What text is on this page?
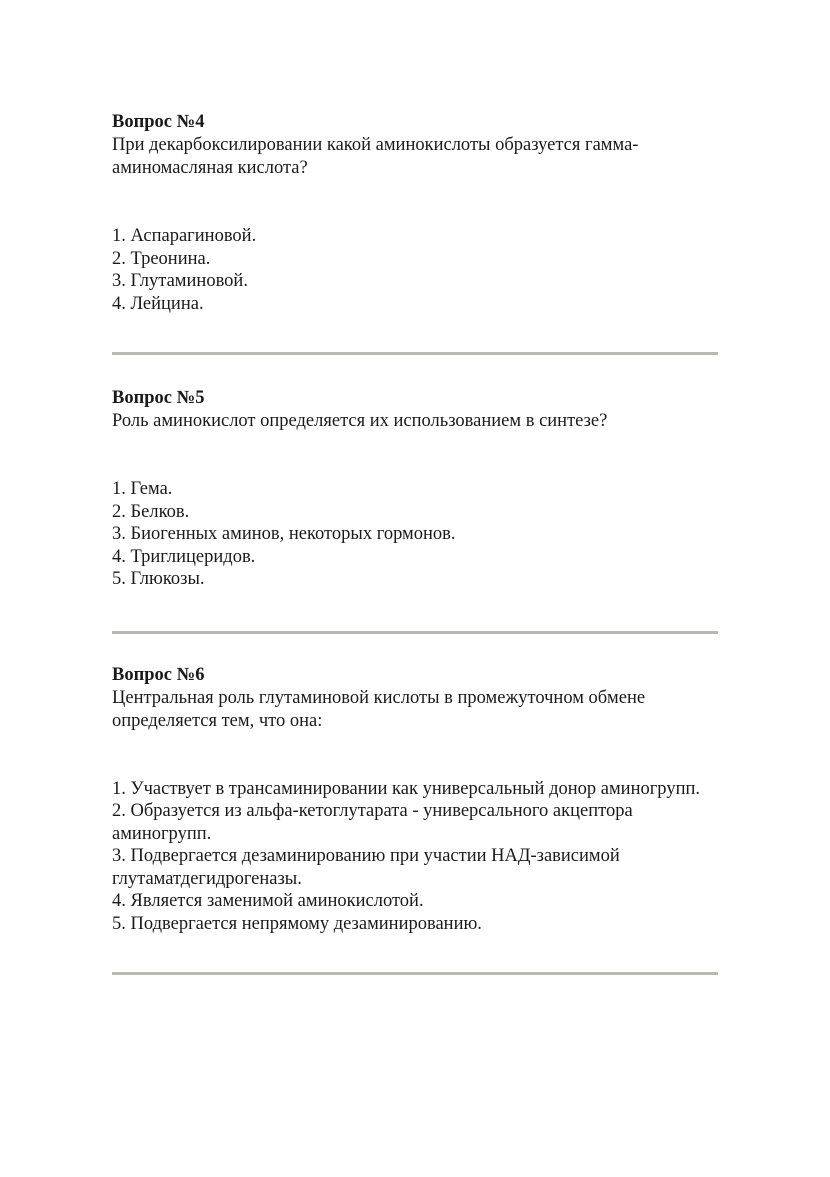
Вопрос №4

При декарбоксилировании какой аминокислоты образуется гамма-аминомасляная кислота?

1. Аспарагиновой.
2. Треонина.
3. Глутаминовой.
4. Лейцина.

Вопрос №5

Роль аминокислот определяется их использованием в синтезе?

1. Гема.
2. Белков.
3. Биогенных аминов, некоторых гормонов.
4. Триглицеридов.
5. Глюкозы.

Вопрос №6

Центральная роль глутаминовой кислоты в промежуточном обмене определяется тем, что она:

1. Участвует в трансаминировании как универсальный донор аминогрупп.
2. Образуется из альфа-кетоглутарата - универсального акцептора аминогрупп.
3. Подвергается дезаминированию при участии НАД-зависимой глутаматдегидрогеназы.
4. Является заменимой аминокислотой.
5. Подвергается непрямому дезаминированию.
